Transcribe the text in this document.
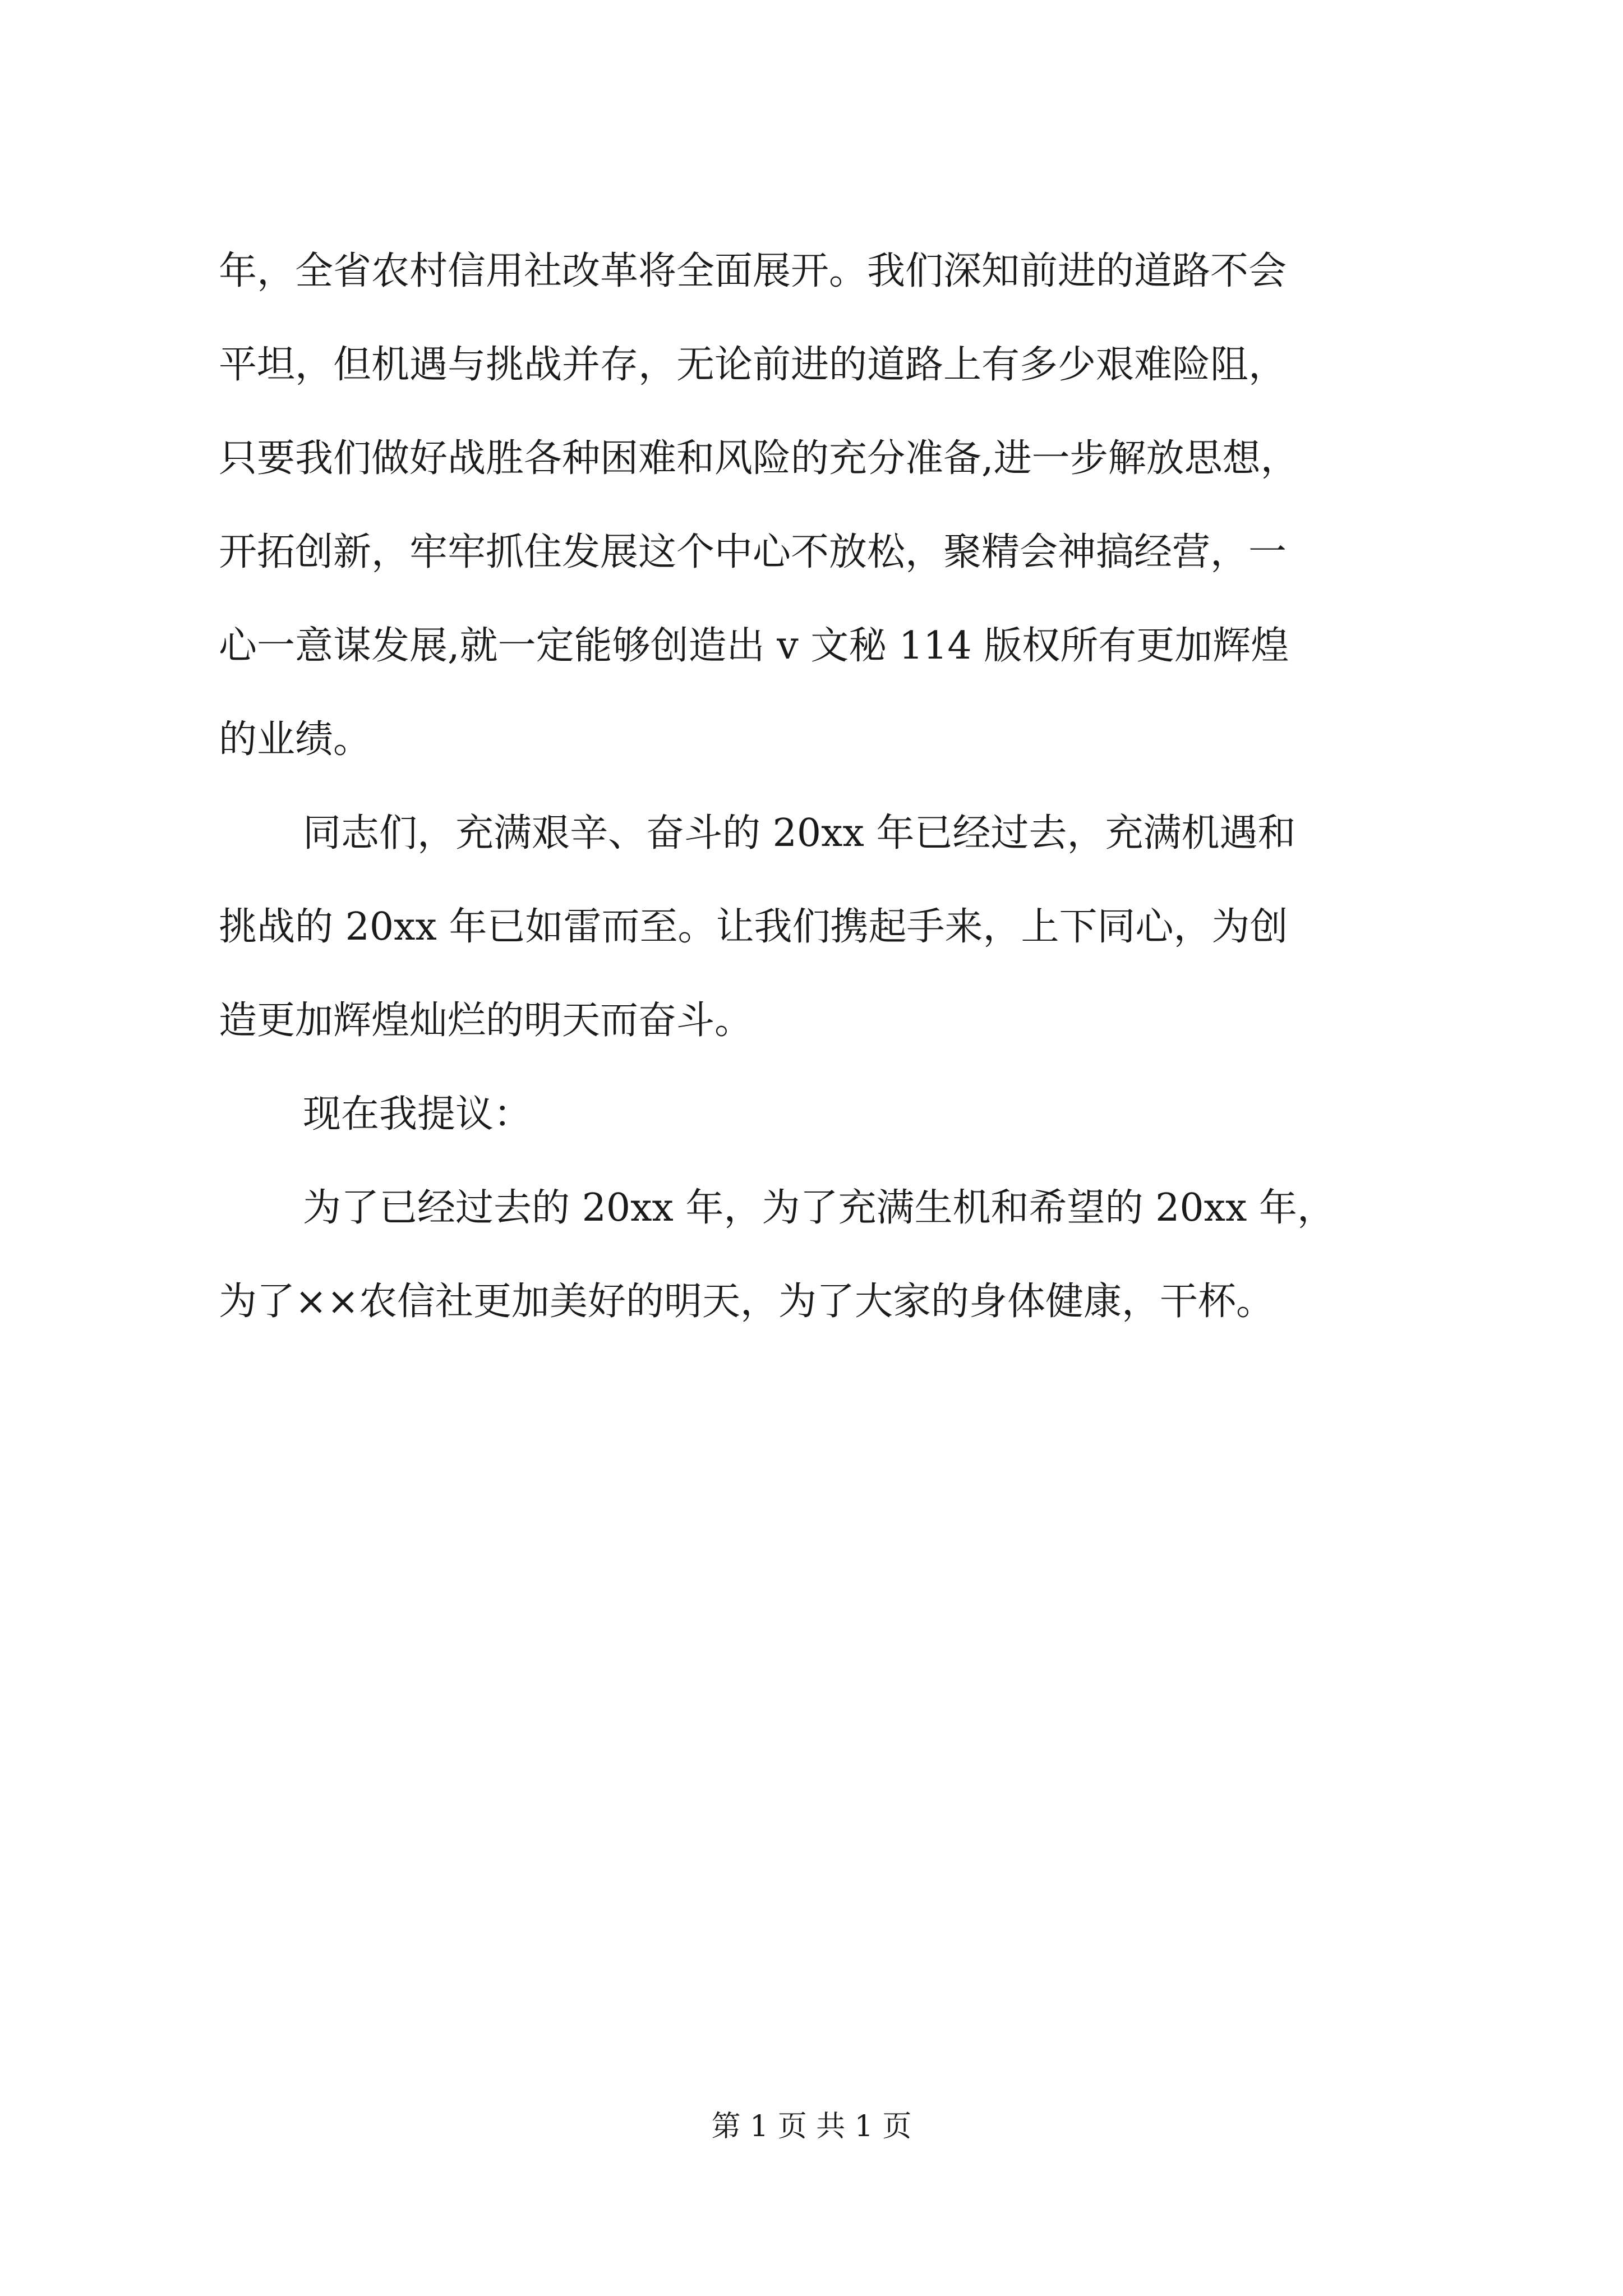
年，全省农村信用社改革将全面展开。我们深知前进的道路不会
平坦，但机遇与挑战并存，无论前进的道路上有多少艰难险阻，
只要我们做好战胜各种困难和风险的充分准备,进一步解放思想，
开拓创新，牢牢抓住发展这个中心不放松，聚精会神搞经营，一
心一意谋发展,就一定能够创造出 v 文秘 114 版权所有更加辉煌
的业绩。
同志们，充满艰辛、奋斗的 20xx 年已经过去，充满机遇和
挑战的 20xx 年已如雷而至。让我们携起手来，上下同心，为创
造更加辉煌灿烂的明天而奋斗。
现在我提议：
为了已经过去的 20xx 年，为了充满生机和希望的 20xx 年，
为了××农信社更加美好的明天，为了大家的身体健康，干杯。
第 1 页 共 1 页
